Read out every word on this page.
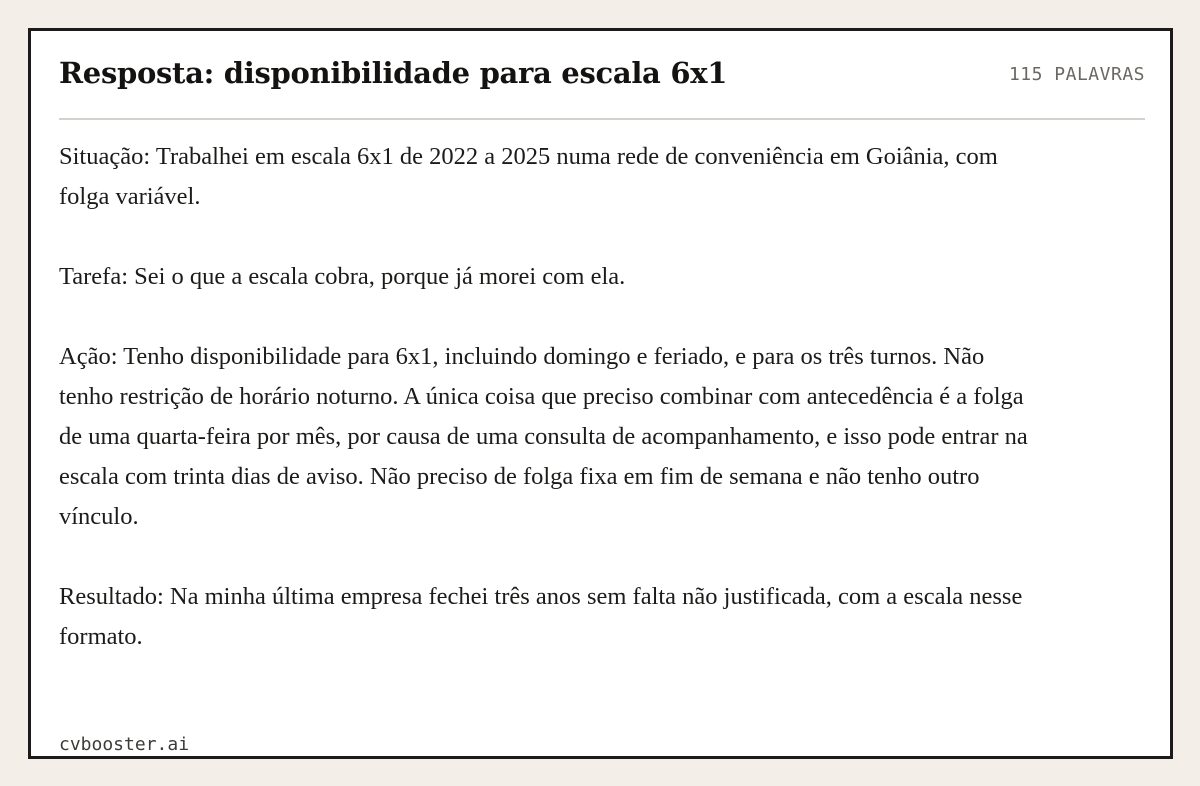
Resposta: disponibilidade para escala 6x1	115 PALAVRAS

Situação: Trabalhei em escala 6x1 de 2022 a 2025 numa rede de conveniência em Goiânia, com folga variável.

Tarefa: Sei o que a escala cobra, porque já morei com ela.

Ação: Tenho disponibilidade para 6x1, incluindo domingo e feriado, e para os três turnos. Não tenho restrição de horário noturno. A única coisa que preciso combinar com antecedência é a folga de uma quarta-feira por mês, por causa de uma consulta de acompanhamento, e isso pode entrar na escala com trinta dias de aviso. Não preciso de folga fixa em fim de semana e não tenho outro vínculo.

Resultado: Na minha última empresa fechei três anos sem falta não justificada, com a escala nesse formato.

cvbooster.ai
